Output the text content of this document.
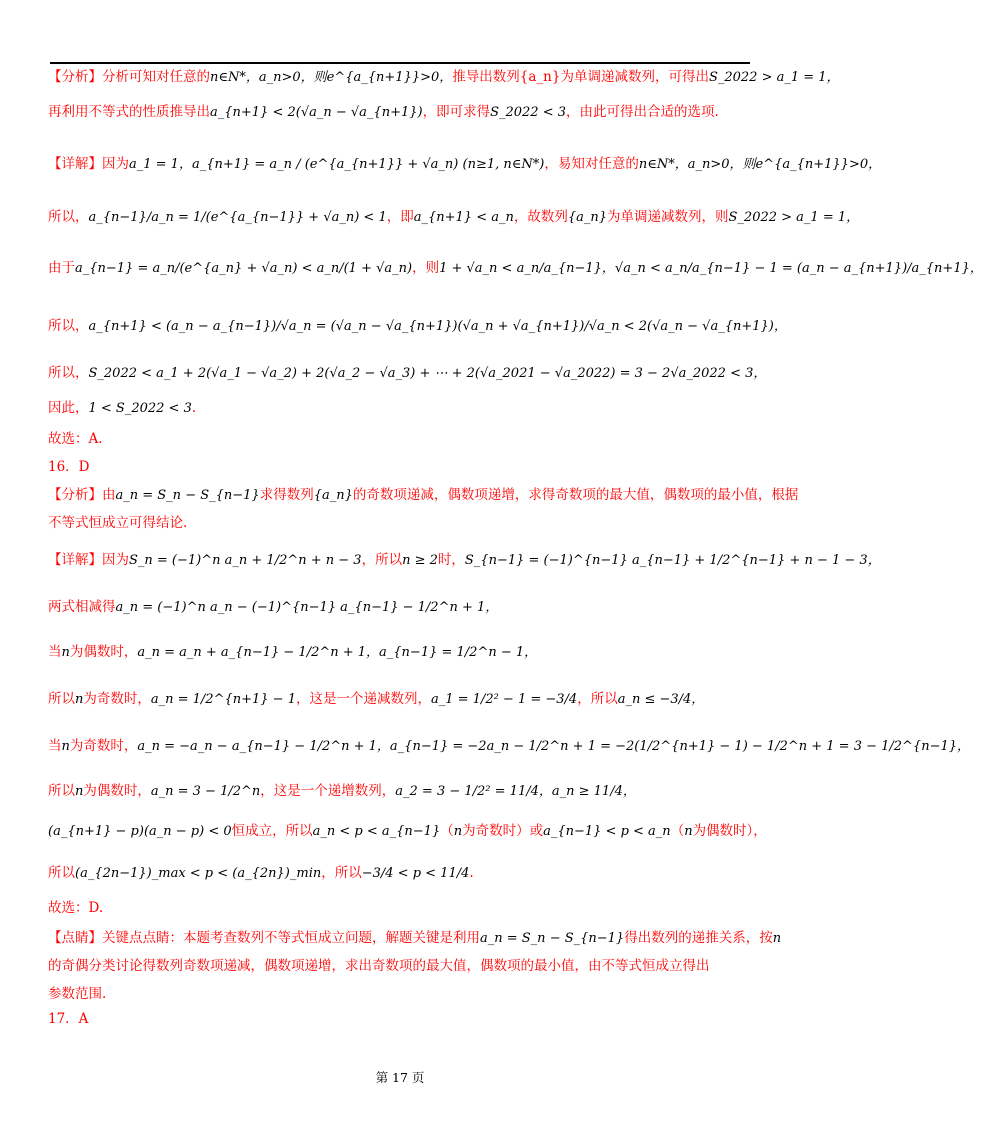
【分析】分析可知对任意的n∈N*，a_n>0，则e^{a_{n+1}}>0，推导出数列{a_n}为单调递减数列，可得出S_2022 > a_1 = 1，
再利用不等式的性质推导出a_{n+1} < 2(√a_n − √a_{n+1})，即可求得S_2022 < 3，由此可得出合适的选项.
【详解】因为a_1 = 1，a_{n+1} = a_n / (e^{a_{n+1}} + √a_n) (n≥1, n∈N*)，易知对任意的n∈N*，a_n>0，则e^{a_{n+1}}>0，
所以，a_{n−1}/a_n = 1/(e^{a_{n−1}} + √a_n) < 1，即a_{n+1} < a_n，故数列{a_n}为单调递减数列，则S_2022 > a_1 = 1，
由于a_{n−1} = a_n/(e^{a_n} + √a_n) < a_n/(1 + √a_n)，则1 + √a_n < a_n/a_{n−1}，√a_n < a_n/a_{n−1} − 1 = (a_n − a_{n+1})/a_{n+1}，
所以，a_{n+1} < (a_n − a_{n−1})/√a_n = (√a_n − √a_{n+1})(√a_n + √a_{n+1})/√a_n < 2(√a_n − √a_{n+1})，
所以，S_2022 < a_1 + 2(√a_1 − √a_2) + 2(√a_2 − √a_3) + ⋯ + 2(√a_2021 − √a_2022) = 3 − 2√a_2022 < 3，
因此，1 < S_2022 < 3.
故选：A.
16．D
【分析】由a_n = S_n − S_{n−1}求得数列{a_n}的奇数项递减，偶数项递增，求得奇数项的最大值，偶数项的最小值，根据
不等式恒成立可得结论.
【详解】因为S_n = (−1)^n a_n + 1/2^n + n − 3，所以n ≥ 2时，S_{n−1} = (−1)^{n−1} a_{n−1} + 1/2^{n−1} + n − 1 − 3，
两式相减得a_n = (−1)^n a_n − (−1)^{n−1} a_{n−1} − 1/2^n + 1，
当n为偶数时，a_n = a_n + a_{n−1} − 1/2^n + 1，a_{n−1} = 1/2^n − 1，
所以n为奇数时，a_n = 1/2^{n+1} − 1，这是一个递减数列，a_1 = 1/2² − 1 = −3/4，所以a_n ≤ −3/4，
当n为奇数时，a_n = −a_n − a_{n−1} − 1/2^n + 1，a_{n−1} = −2a_n − 1/2^n + 1 = −2(1/2^{n+1} − 1) − 1/2^n + 1 = 3 − 1/2^{n−1}，
所以n为偶数时，a_n = 3 − 1/2^n，这是一个递增数列，a_2 = 3 − 1/2² = 11/4，a_n ≥ 11/4，
(a_{n+1} − p)(a_n − p) < 0恒成立，所以a_n < p < a_{n−1}（n为奇数时）或a_{n−1} < p < a_n（n为偶数时），
所以(a_{2n−1})_max < p < (a_{2n})_min，所以−3/4 < p < 11/4.
故选：D.
【点睛】关键点点睛：本题考查数列不等式恒成立问题，解题关键是利用a_n = S_n − S_{n−1}得出数列的递推关系，按n
的奇偶分类讨论得数列奇数项递减，偶数项递增，求出奇数项的最大值，偶数项的最小值，由不等式恒成立得出
参数范围.
17．A
第 17 页
